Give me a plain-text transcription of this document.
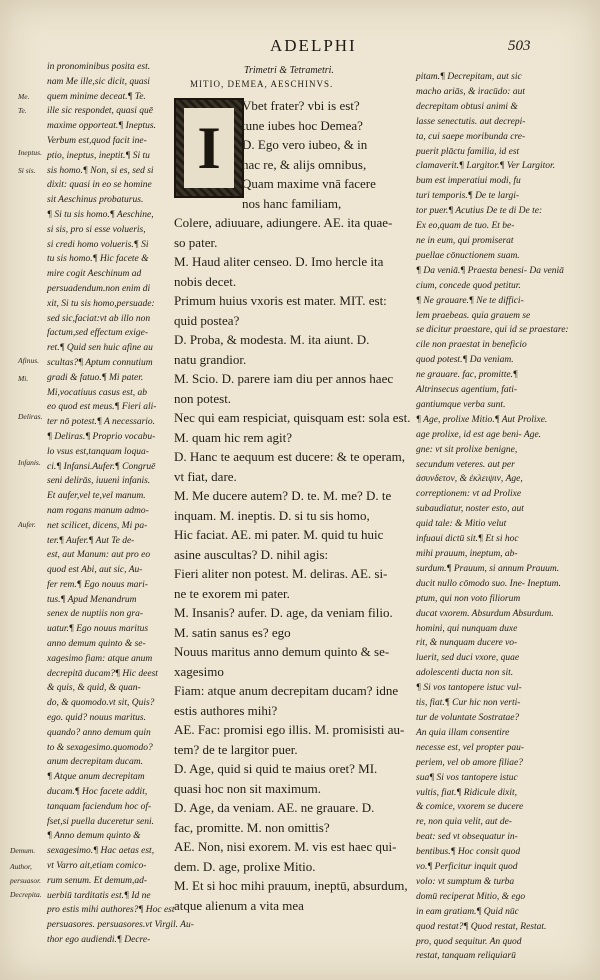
ADELPHI	503
Trimetri & Tetrametri.
MITIO, DEMEA, AESCHINVS.
I
in pronominibus posita est.
nam Me ille,sic dicit, quasi
quem minime deceat.¶ Te.
ille sic respondet, quasi quē
maxime opporteat.¶ Ineptus.
Verbum est,quod facit ine-
ptio, ineptus, ineptit.¶ Si tu
sis homo.¶ Non, si es, sed si
dixit: quasi in eo se homine
sit Aeschinus probaturus.
¶ Si tu sis homo.¶ Aeschine,
si sis, pro si esse volueris,
si credi homo volueris.¶ Si
tu sis homo.¶ Hic facete &
mire cogit Aeschinum ad
persuadendum.non enim di
xit, Si tu sis homo,persuade:
sed sic,faciat:vt ab illo non
factum,sed effectum exige-
ret.¶ Quid sen huic afine au
scultas?¶ Aptum connutium
gradi & fatuo.¶ Mi pater.
Mi,vocatiuus casus est, ab
eo quod est meus.¶ Fieri ali-
ter nō potest.¶ A necessario.
¶ Deliras.¶ Proprio vocabu-
lo vsus est,tanquam loqua-
ci.¶ Infansi.Aufer.¶ Congruē
seni delirās, iuueni infanis.
Et aufer,vel te,vel manum.
nam rogans manum admo-
net scilicet, dicens, Mi pa-
ter.¶ Aufer.¶ Aut Te de-
est, aut Manum: aut pro eo
quod est Abi, aut sic, Au-
fer rem.¶ Ego nouus mari-
tus.¶ Apud Menandrum
senex de nuptiis non gra-
uatur.¶ Ego nouus maritus
anno demum quinto & se-
xagesimo fiam: atque anum
decrepitā ducam?¶ Hic deest
& quis, & quid, & quan-
do, & quomodo.vt sit, Quis?
ego. quid? nouus maritus.
quando? anno demum quin
to & sexagesimo.quomodo?
anum decrepitam ducam.
¶ Atque anum decrepitam
ducam.¶ Hoc facete addit,
tanquam faciendum hoc of-
fset,si puella duceretur seni.
¶ Anno demum quinto &
sexagesimo.¶ Hac aetas est,
vt Varro ait,etiam comico-
rum senum. Et demum,ad-
uerbiū tarditatis est.¶ Id ne
pro estis mihi authores?¶ Hoc est
persuasores. persuasores.vt Virgil. Au-
thor ego audiendi.¶ Decre-
Vbet frater? vbi is est?
tune iubes hoc Demea?
D. Ego vero iubeo, & in
hac re, & alijs omnibus,
Quam maxime vnā facere
nos hanc familiam,
Colere, adiuuare, adiungere. AE. ita quae-
so pater.
M. Haud aliter censeo. D. Imo hercle ita
nobis decet.
Primum huius vxoris est mater. MIT. est:
quid postea?
D. Proba, & modesta. M. ita aiunt. D.
natu grandior.
M. Scio. D. parere iam diu per annos haec
non potest.
Nec qui eam respiciat, quisquam est: sola est.
M. quam hic rem agit?
D. Hanc te aequum est ducere: & te operam,
vt fiat, dare.
M. Me ducere autem? D. te. M. me? D. te
inquam. M. ineptis. D. si tu sis homo,
Hic faciat. AE. mi pater. M. quid tu huic
asine auscultas? D. nihil agis:
Fieri aliter non potest. M. deliras. AE. si-
ne te exorem mi pater.
M. Insanis? aufer. D. age, da veniam filio.
M. satin sanus es? ego
Nouus maritus anno demum quinto & se-
xagesimo
Fiam: atque anum decrepitam ducam? idne
estis authores mihi?
AE. Fac: promisi ego illis. M. promisisti au-
tem? de te largitor puer.
D. Age, quid si quid te maius oret? MI.
quasi hoc non sit maximum.
D. Age, da veniam. AE. ne grauare. D.
fac, promitte. M. non omittis?
AE. Non, nisi exorem. M. vis est haec qui-
dem. D. age, prolixe Mitio.
M. Et si hoc mihi prauum, ineptū, absurdum,
atque alienum a vita mea
pitam.¶ Decrepitam, aut sic
macho ariās, & iracūdo: aut
decrepitam obtusi animi &
lasse senectutis. aut decrepi-
ta, cui saepe moribunda cre-
puerit plāctu familia, id est
clamaverit.¶ Largitor.¶ Ver Largitor.
bum est imperatiui modi, fu
turi temporis.¶ De te largi-
tor puer.¶ Acutius De te di De te:
Ex eo,quam de tuo. Et be-
ne in eum, qui promiserat
puellae cōnuctionem suam.
¶ Da veniā.¶ Praesta benesi- Da veniā
cium, concede quod petitur.
¶ Ne grauare.¶ Ne te diffici-
lem praebeas. quia grauem se
se dicitur praestare, qui id se praestare:
cile non praestat in beneficio
quod potest.¶ Da veniam.
ne grauare. fac, promitte.¶
Altrinsecus agentium, fati-
gantiumque verba sunt.
¶ Age, prolixe Mitio.¶ Aut Prolixe.
age prolixe, id est age beni- Age.
gne: vt sit prolixe benigne,
secundum veteres. aut per
ἀσυνδετον, & ἐκλειψιν, Age,
correptionem: vt ad Prolixe
subaudiatur, noster esto, aut
quid tale: & Mitio velut
infuaui dictū sit.¶ Et si hoc
mihi prauum, ineptum, ab-
surdum.¶ Prauum, si annum Prauum.
ducit nullo cōmodo suo. Ine- Ineptum.
ptum, qui non voto filiorum
ducat vxorem. Absurdum Absurdum.
homini, qui nunquam duxe
rit, & nunquam ducere vo-
luerit, sed duci vxore, quae
adolescenti ducta non sit.
¶ Si vos tantopere istuc vul-
tis, fiat.¶ Cur hic non verti-
tur de voluntate Sostratae?
An quia illam consentire
necesse est, vel propter pau-
periem, vel ob amore filiae?
sua¶ Si vos tantopere istuc
vultis, fiat.¶ Ridicule dixit,
& comice, vxorem se ducere
re, non quia velit, aut de-
beat: sed vt obsequatur in-
bentibus.¶ Hoc consit quod
vo.¶ Perficitur inquit quod
volo: vt sumptum & turba
domū reciperat Mitio, & ego
in eam gratiam.¶ Quid nūc
quod restat?¶ Quod restat, Restat.
pro, quod sequitur. An quod
restat, tanquam reliquiarū
Me.
Te.
Ineptus.
Si sis.
Afinus.
Mi.
Deliras.
Infanis.
Aufer.
Demum.
Author,
persuasor.
Decrepita.
